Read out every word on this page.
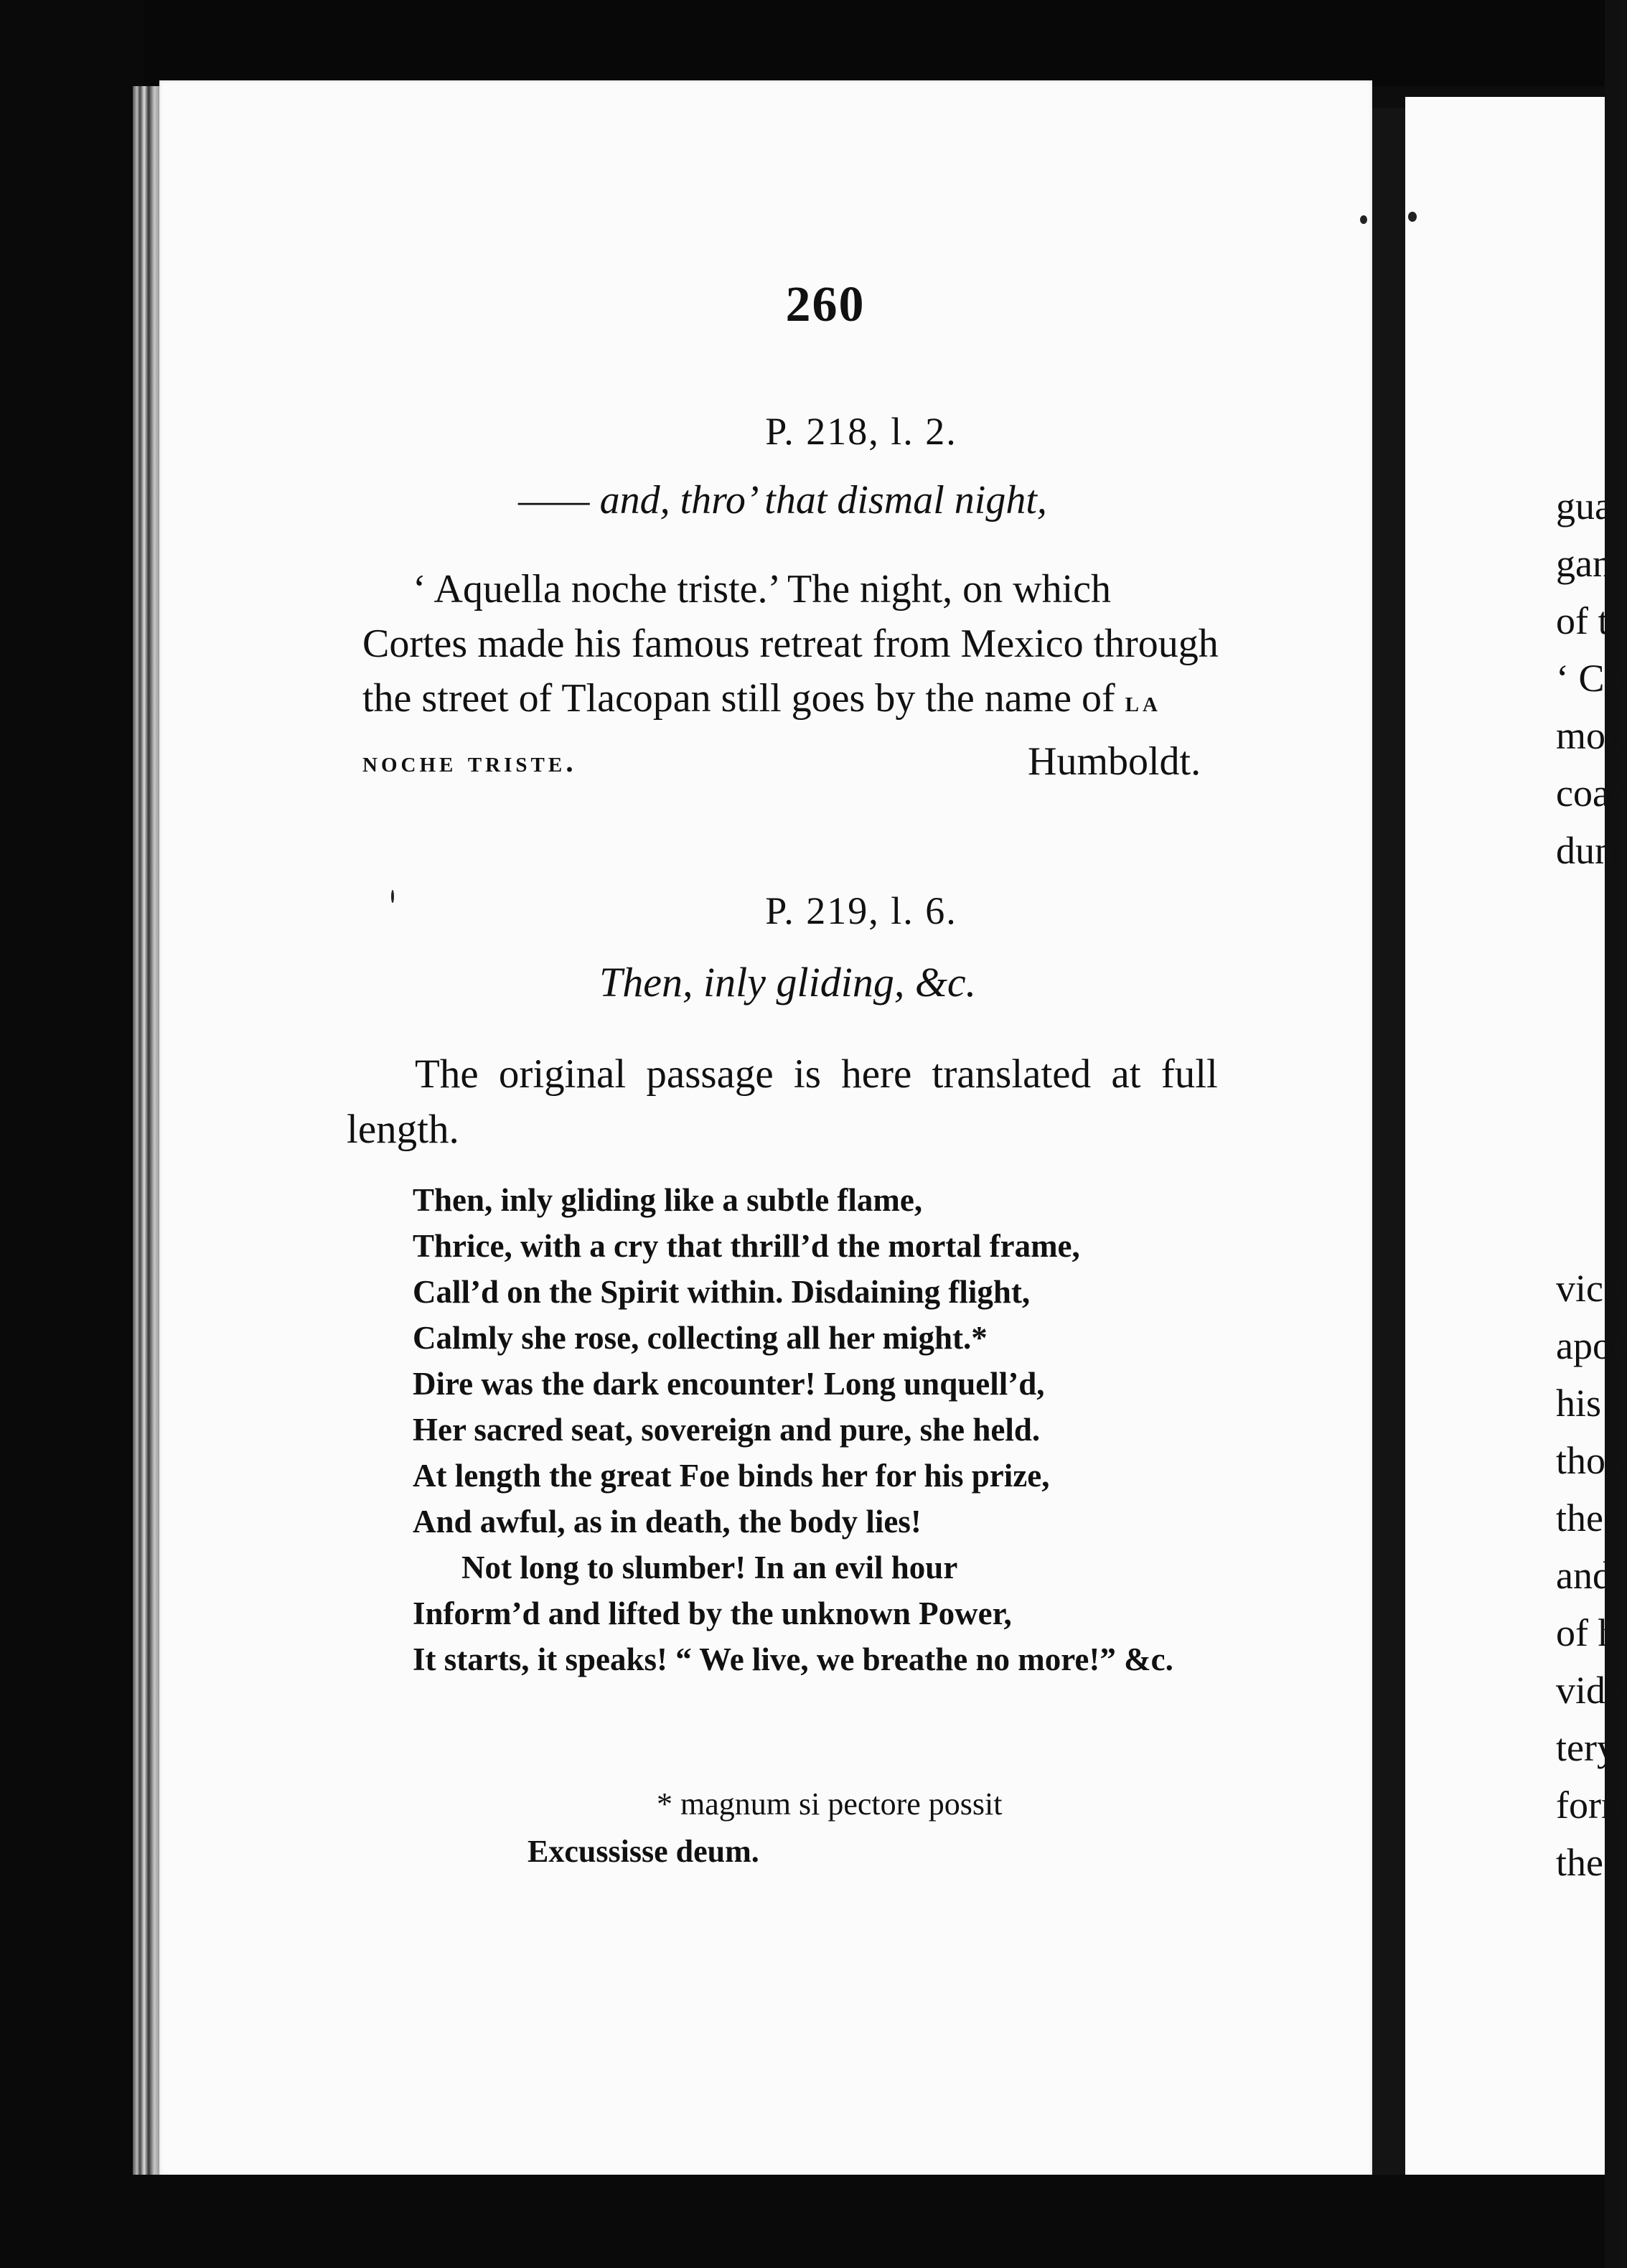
260
P. 218, l. 2.
—— and, thro’ that dismal night,
‘ Aquella noche triste.’ The night, on which
Cortes made his famous retreat from Mexico through
the street of Tlacopan still goes by the name of la
noche triste.	Humboldt.
P. 219, l. 6.
Then, inly gliding, &c.
The original passage is here translated at full
length.
Then, inly gliding like a subtle flame,
Thrice, with a cry that thrill’d the mortal frame,
Call’d on the Spirit within. Disdaining flight,
Calmly she rose, collecting all her might.*
Dire was the dark encounter! Long unquell’d,
Her sacred seat, sovereign and pure, she held.
At length the great Foe binds her for his prize,
And awful, as in death, the body lies!
Not long to slumber! In an evil hour
Inform’d and lifted by the unknown Power,
It starts, it speaks! “ We live, we breathe no more!” &c.
* magnum si pectore possit
Excussisse deum.
gua
gan
of t
‘ Co
moc
coar
dun
vice
apos
his
thos
the
and
of h
vide
tery
forn
the
